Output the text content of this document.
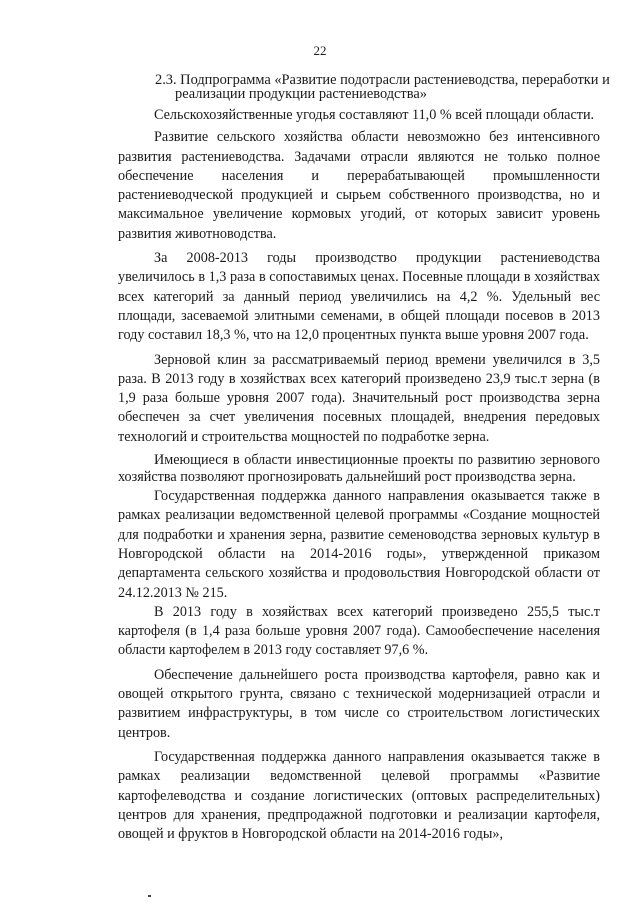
22
2.3. Подпрограмма «Развитие подотрасли растениеводства, переработки и
реализации продукции растениеводства»

Сельскохозяйственные угодья составляют 11,0 % всей площади области.

Развитие сельского хозяйства области невозможно без интенсивного развития растениеводства. Задачами отрасли являются не только полное обеспечение населения и перерабатывающей промышленности растениеводческой продукцией и сырьем собственного производства, но и максимальное увеличение кормовых угодий, от которых зависит уровень развития животноводства.

За 2008-2013 годы производство продукции растениеводства увеличилось в 1,3 раза в сопоставимых ценах. Посевные площади в хозяйствах всех категорий за данный период увеличились на 4,2 %. Удельный вес площади, засеваемой элитными семенами, в общей площади посевов в 2013 году составил 18,3 %, что на 12,0 процентных пункта выше уровня 2007 года.

Зерновой клин за рассматриваемый период времени увеличился в 3,5 раза. В 2013 году в хозяйствах всех категорий произведено 23,9 тыс.т зерна (в 1,9 раза больше уровня 2007 года). Значительный рост производства зерна обеспечен за счет увеличения посевных площадей, внедрения передовых технологий и строительства мощностей по подработке зерна.

Имеющиеся в области инвестиционные проекты по развитию зернового хозяйства позволяют прогнозировать дальнейший рост производства зерна.

Государственная поддержка данного направления оказывается также в рамках реализации ведомственной целевой программы «Создание мощностей для подработки и хранения зерна, развитие семеноводства зерновых культур в Новгородской области на 2014-2016 годы», утвержденной приказом департамента сельского хозяйства и продовольствия Новгородской области от 24.12.2013 № 215.

В 2013 году в хозяйствах всех категорий произведено 255,5 тыс.т картофеля (в 1,4 раза больше уровня 2007 года). Самообеспечение населения области картофелем в 2013 году составляет 97,6 %.

Обеспечение дальнейшего роста производства картофеля, равно как и овощей открытого грунта, связано с технической модернизацией отрасли и развитием инфраструктуры, в том числе со строительством логистических центров.

Государственная поддержка данного направления оказывается также в рамках реализации ведомственной целевой программы «Развитие картофелеводства и создание логистических (оптовых распределительных) центров для хранения, предпродажной подготовки и реализации картофеля, овощей и фруктов в Новгородской области на 2014-2016 годы»,
